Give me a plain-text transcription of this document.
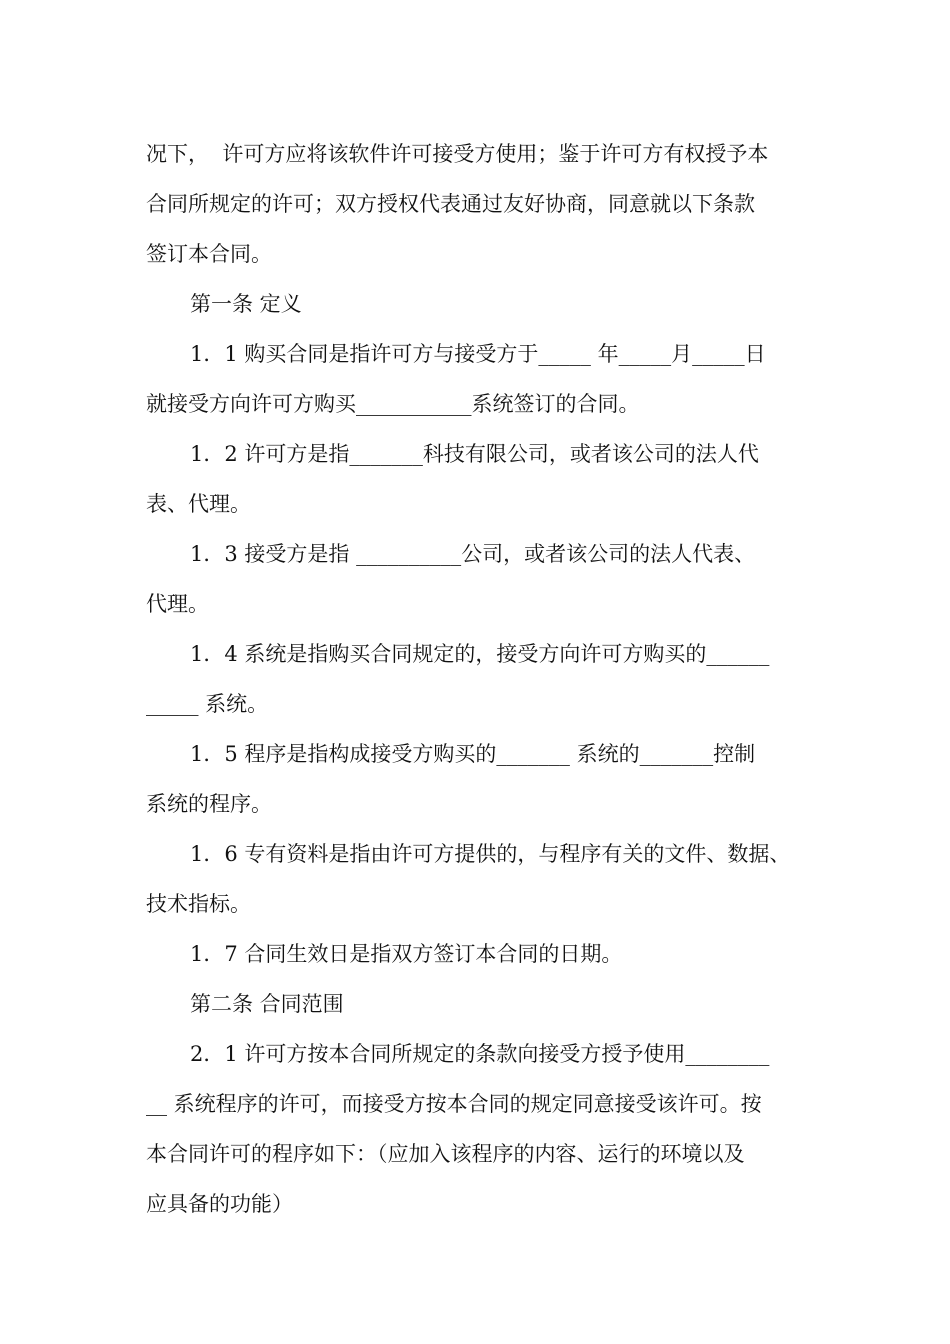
况下，  许可方应将该软件许可接受方使用；鉴于许可方有权授予本
合同所规定的许可；双方授权代表通过友好协商，同意就以下条款
签订本合同。
第一条 定义
1．1 购买合同是指许可方与接受方于_____ 年_____月_____日
就接受方向许可方购买___________系统签订的合同。
1．2 许可方是指_______科技有限公司，或者该公司的法人代
表、代理。
1．3 接受方是指 __________公司，或者该公司的法人代表、
代理。
1．4 系统是指购买合同规定的，接受方向许可方购买的______
_____ 系统。
1．5 程序是指构成接受方购买的_______ 系统的_______控制
系统的程序。
1．6 专有资料是指由许可方提供的，与程序有关的文件、数据、
技术指标。
1．7 合同生效日是指双方签订本合同的日期。
第二条 合同范围
2．1 许可方按本合同所规定的条款向接受方授予使用________
__ 系统程序的许可，而接受方按本合同的规定同意接受该许可。按
本合同许可的程序如下：（应加入该程序的内容、运行的环境以及
应具备的功能）
